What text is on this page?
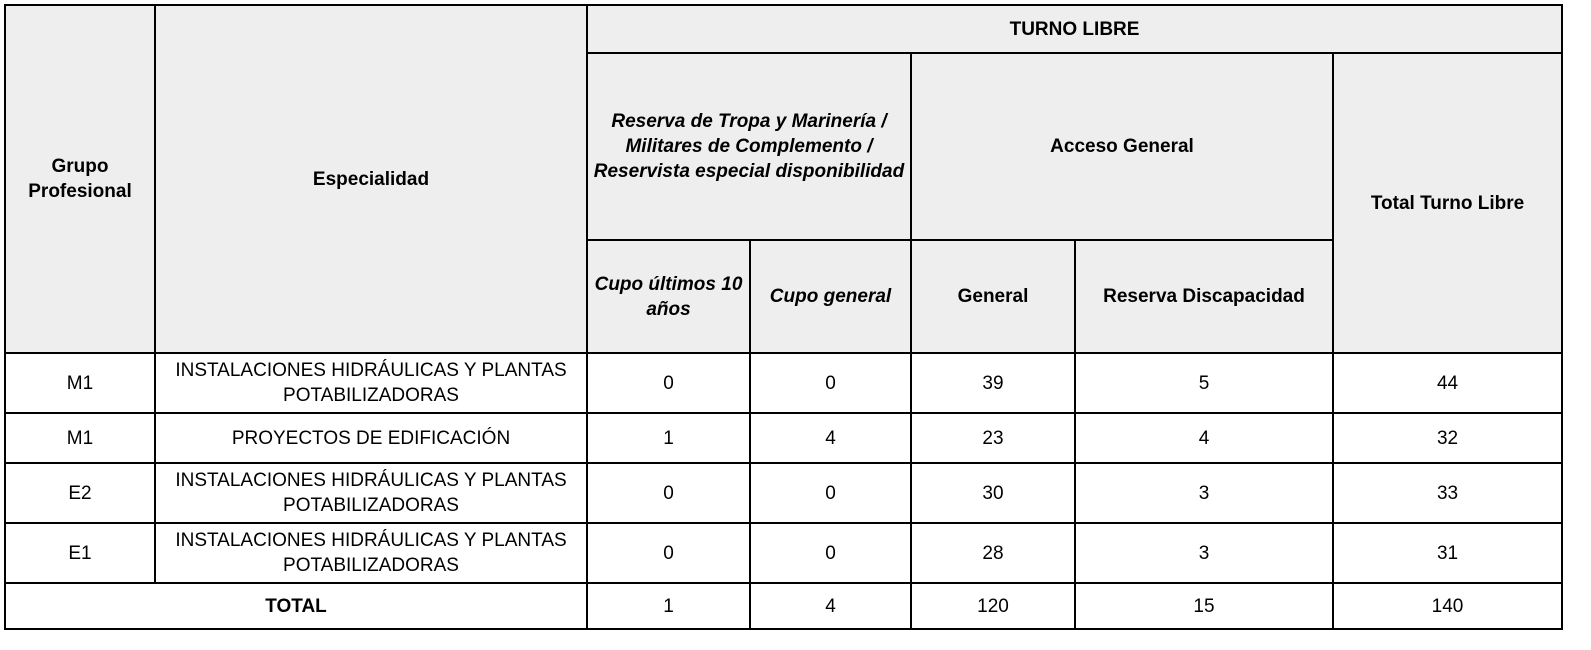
Grupo Profesional	Especialidad	TURNO LIBRE				
		Reserva de Tropa y Marinería / Militares de Complemento / Reservista especial disponibilidad		Acceso General		Total Turno Libre
		Cupo últimos 10 años	Cupo general	General	Reserva Discapacidad	
M1	INSTALACIONES HIDRÁULICAS Y PLANTAS POTABILIZADORAS	0	0	39	5	44
M1	PROYECTOS DE EDIFICACIÓN	1	4	23	4	32
E2	INSTALACIONES HIDRÁULICAS Y PLANTAS POTABILIZADORAS	0	0	30	3	33
E1	INSTALACIONES HIDRÁULICAS Y PLANTAS POTABILIZADORAS	0	0	28	3	31
TOTAL		1	4	120	15	140
